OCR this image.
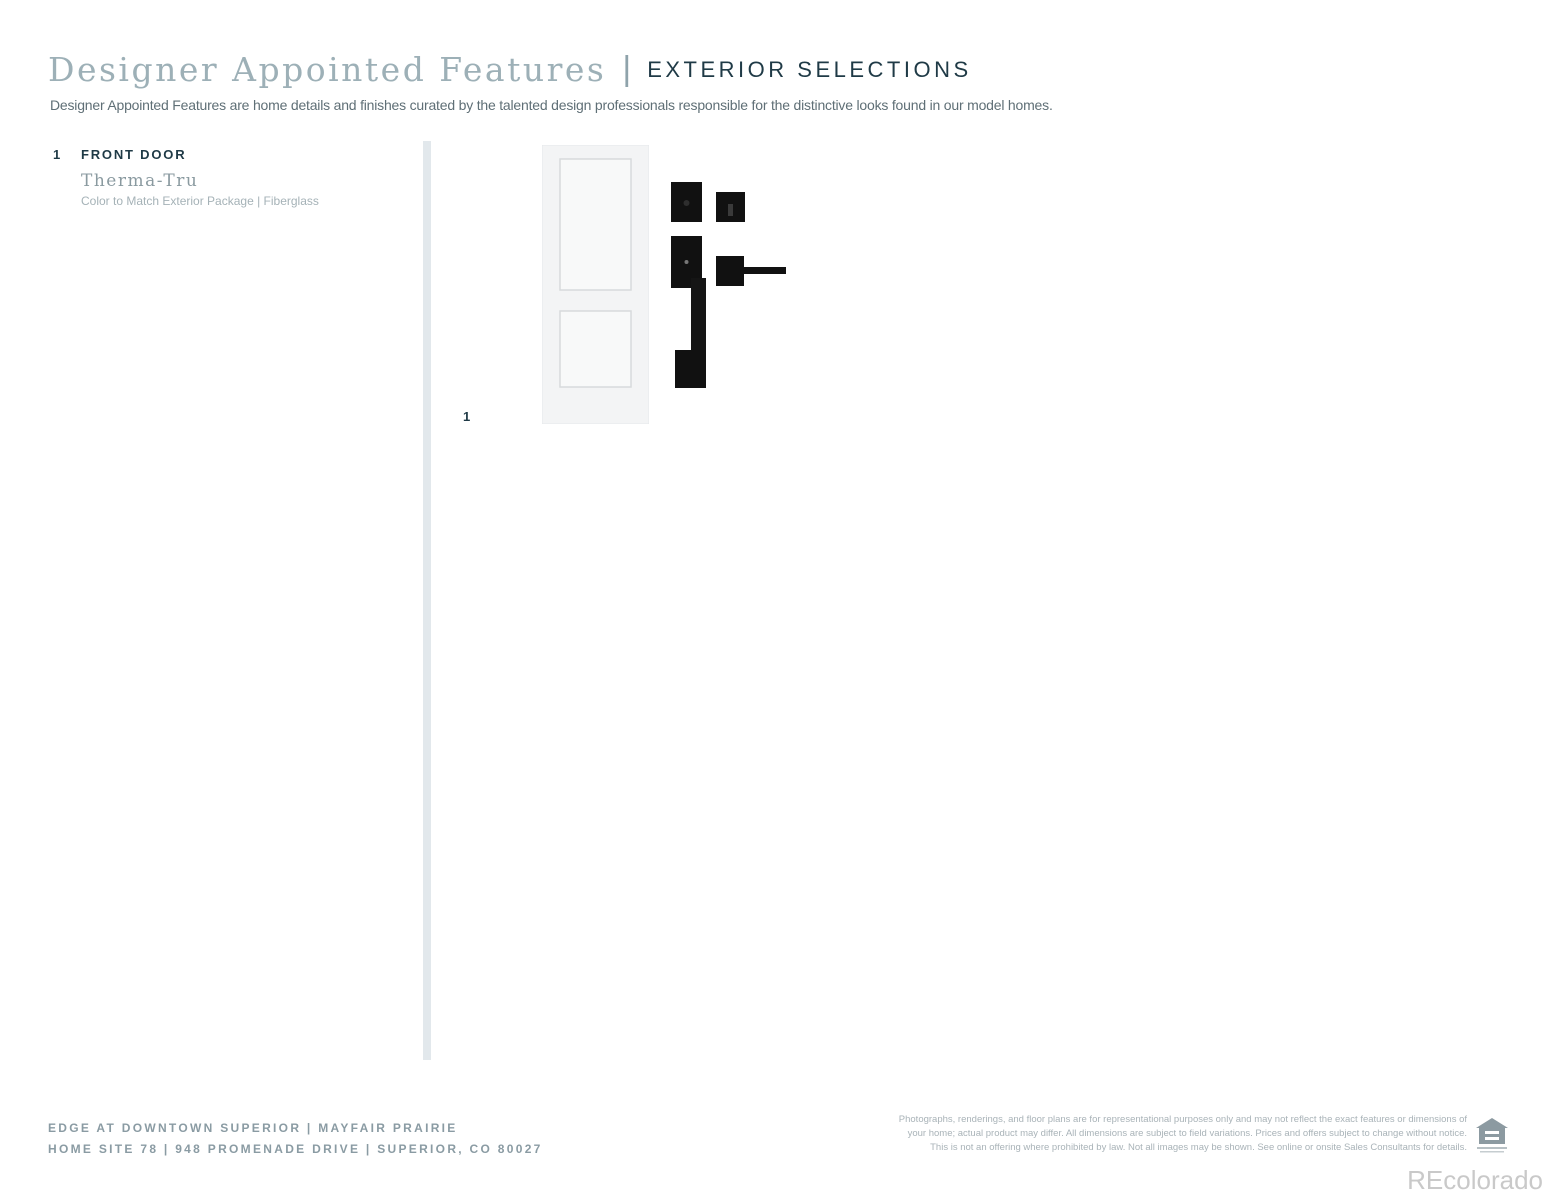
Designer Appointed Features | EXTERIOR SELECTIONS
Designer Appointed Features are home details and finishes curated by the talented design professionals responsible for the distinctive looks found in our model homes.
1 FRONT DOOR
Therma-Tru
Color to Match Exterior Package | Fiberglass
1
EDGE AT DOWNTOWN SUPERIOR | MAYFAIR PRAIRIE
HOME SITE 78 | 948 PROMENADE DRIVE | SUPERIOR, CO 80027
Photographs, renderings, and floor plans are for representational purposes only and may not reflect the exact features or dimensions of
your home; actual product may differ. All dimensions are subject to field variations. Prices and offers subject to change without notice.
This is not an offering where prohibited by law. Not all images may be shown. See online or onsite Sales Consultants for details.
REcolorado
